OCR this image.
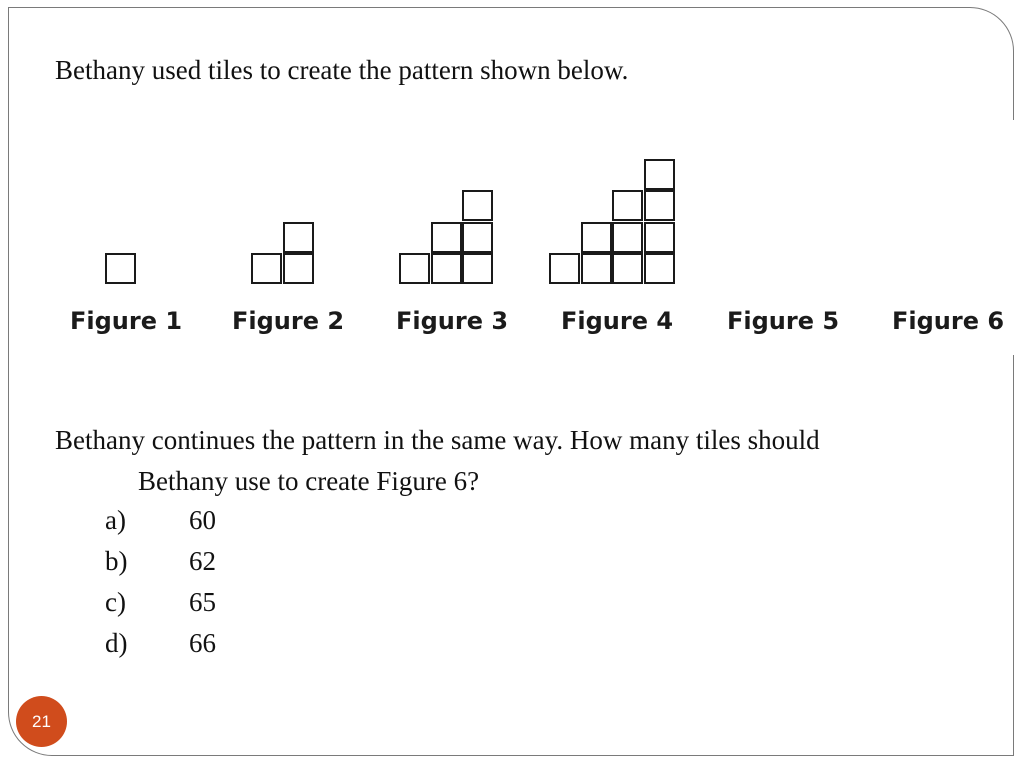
Bethany used tiles to create the pattern shown below.
Figure 1 Figure 2 Figure 3 Figure 4 Figure 5 Figure 6
Bethany continues the pattern in the same way. How many tiles should
Bethany use to create Figure 6?
a)	60
b)	62
c)	65
d)	66
21
